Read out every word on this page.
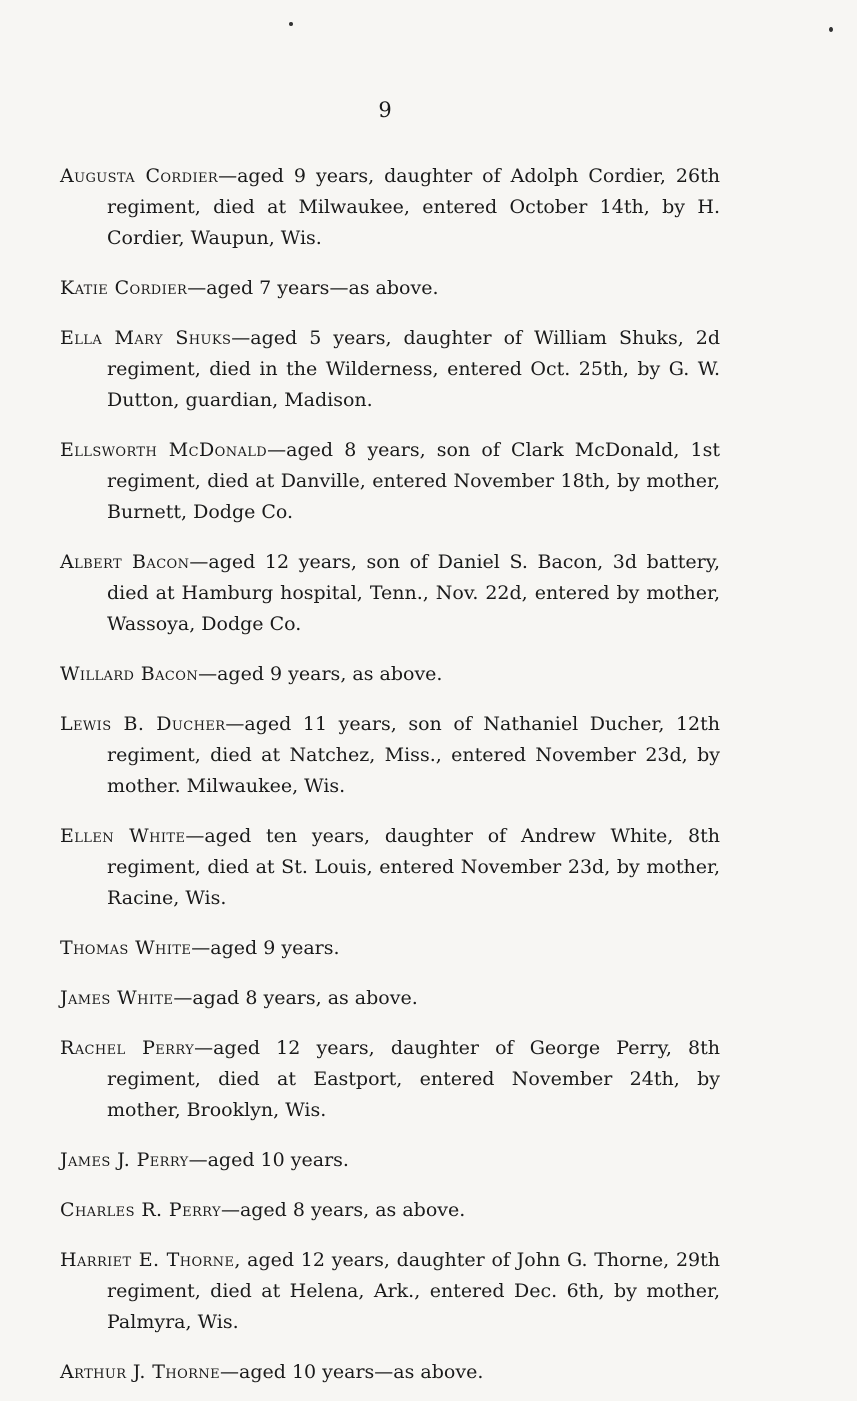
9

Augusta Cordier—aged 9 years, daughter of Adolph Cordier, 26th regiment, died at Milwaukee, entered October 14th, by H. Cordier, Waupun, Wis.

Katie Cordier—aged 7 years—as above.

Ella Mary Shuks—aged 5 years, daughter of William Shuks, 2d regiment, died in the Wilderness, entered Oct. 25th, by G. W. Dutton, guardian, Madison.

Ellsworth McDonald—aged 8 years, son of Clark McDonald, 1st regiment, died at Danville, entered November 18th, by mother, Burnett, Dodge Co.

Albert Bacon—aged 12 years, son of Daniel S. Bacon, 3d battery, died at Hamburg hospital, Tenn., Nov. 22d, entered by mother, Wassoya, Dodge Co.

Willard Bacon—aged 9 years, as above.

Lewis B. Ducher—aged 11 years, son of Nathaniel Ducher, 12th regiment, died at Natchez, Miss., entered November 23d, by mother. Milwaukee, Wis.

Ellen White—aged ten years, daughter of Andrew White, 8th regiment, died at St. Louis, entered November 23d, by mother, Racine, Wis.

Thomas White—aged 9 years.

James White—agad 8 years, as above.

Rachel Perry—aged 12 years, daughter of George Perry, 8th regiment, died at Eastport, entered November 24th, by mother, Brooklyn, Wis.

James J. Perry—aged 10 years.

Charles R. Perry—aged 8 years, as above.

Harriet E. Thorne, aged 12 years, daughter of John G. Thorne, 29th regiment, died at Helena, Ark., entered Dec. 6th, by mother, Palmyra, Wis.

Arthur J. Thorne—aged 10 years—as above.
